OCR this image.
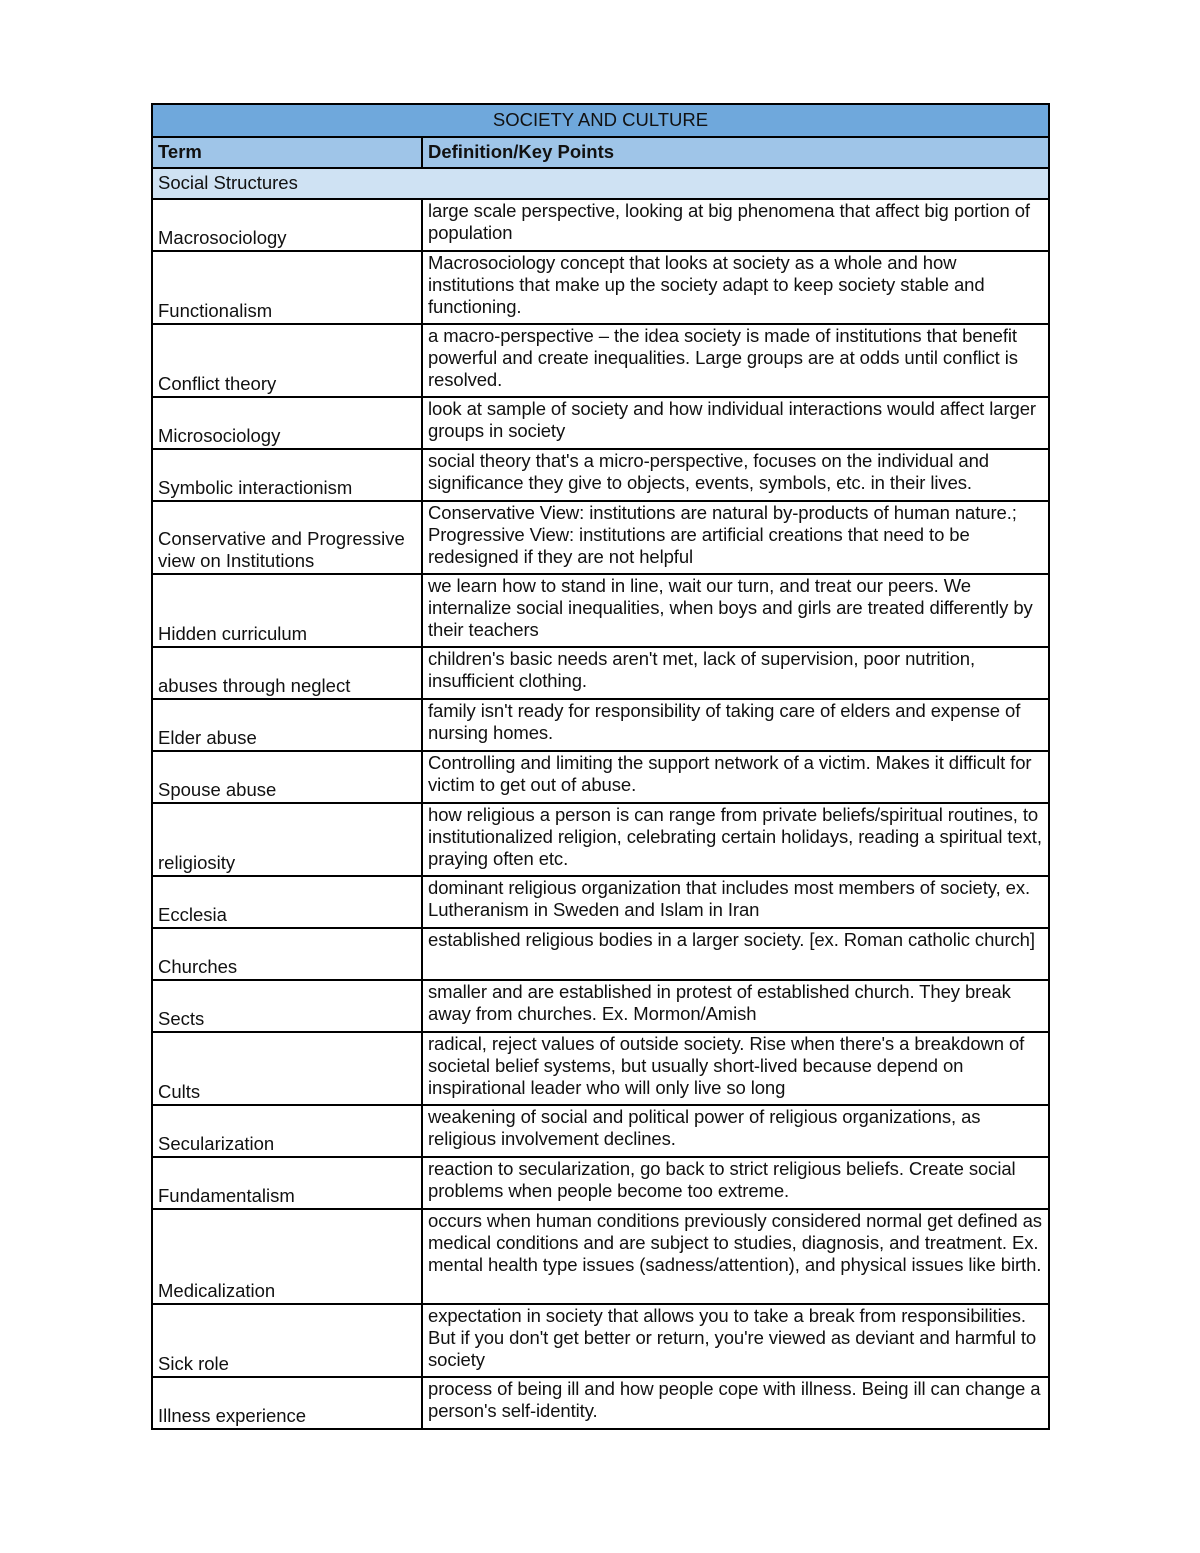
SOCIETY AND CULTURE	
Term	Definition/Key Points
Social Structures	
Macrosociology	large scale perspective, looking at big phenomena that affect big portion of population
Functionalism	Macrosociology concept that looks at society as a whole and how institutions that make up the society adapt to keep society stable and functioning.
Conflict theory	a macro-perspective – the idea society is made of institutions that benefit powerful and create inequalities. Large groups are at odds until conflict is resolved.
Microsociology	look at sample of society and how individual interactions would affect larger groups in society
Symbolic interactionism	social theory that's a micro-perspective, focuses on the individual and significance they give to objects, events, symbols, etc. in their lives.
Conservative and Progressive view on Institutions	Conservative View: institutions are natural by-products of human nature.; Progressive View: institutions are artificial creations that need to be redesigned if they are not helpful
Hidden curriculum	we learn how to stand in line, wait our turn, and treat our peers. We internalize social inequalities, when boys and girls are treated differently by their teachers
abuses through neglect	children's basic needs aren't met, lack of supervision, poor nutrition, insufficient clothing.
Elder abuse	family isn't ready for responsibility of taking care of elders and expense of nursing homes.
Spouse abuse	Controlling and limiting the support network of a victim. Makes it difficult for victim to get out of abuse.
religiosity	how religious a person is can range from private beliefs/spiritual routines, to institutionalized religion, celebrating certain holidays, reading a spiritual text, praying often etc.
Ecclesia	dominant religious organization that includes most members of society, ex. Lutheranism in Sweden and Islam in Iran
Churches	established religious bodies in a larger society. [ex. Roman catholic church]
Sects	smaller and are established in protest of established church. They break away from churches. Ex. Mormon/Amish
Cults	radical, reject values of outside society. Rise when there's a breakdown of societal belief systems, but usually short-lived because depend on inspirational leader who will only live so long
Secularization	weakening of social and political power of religious organizations, as religious involvement declines.
Fundamentalism	reaction to secularization, go back to strict religious beliefs. Create social problems when people become too extreme.
Medicalization	occurs when human conditions previously considered normal get defined as medical conditions and are subject to studies, diagnosis, and treatment. Ex. mental health type issues (sadness/attention), and physical issues like birth.
Sick role	expectation in society that allows you to take a break from responsibilities. But if you don't get better or return, you're viewed as deviant and harmful to society
Illness experience	process of being ill and how people cope with illness. Being ill can change a person's self-identity.
